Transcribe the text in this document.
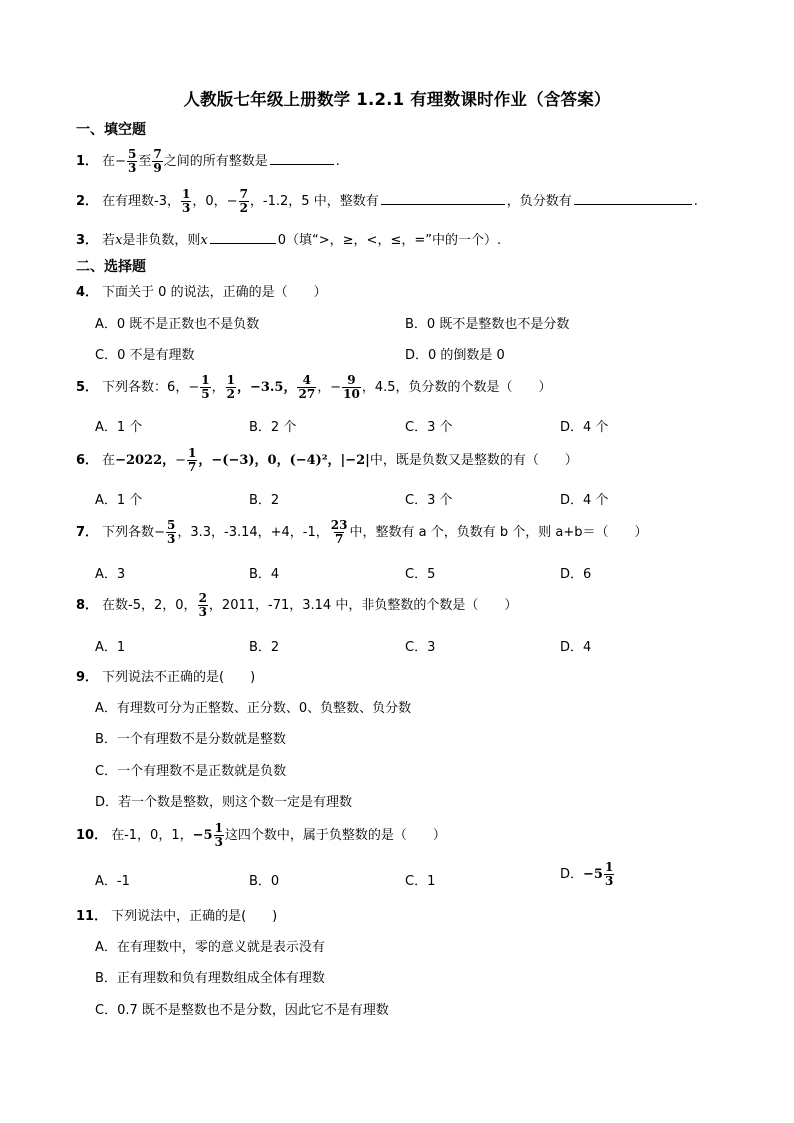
人教版七年级上册数学 1.2.1 有理数课时作业（含答案）
一、填空题
1． 在− $\frac{5}{3}$ 至 $\frac{7}{9}$ 之间的所有整数是	.
2． 在有理数-3， $\frac{1}{3}$ ，0，− $\frac{7}{2}$ ，-1.2，5 中，整数有	，负分数有	.
3． 若x是非负数，则x	0（填“>，≥，<，≤，=”中的一个）.
二、选择题
4． 下面关于 0 的说法，正确的是（　　）
A．0 既不是正数也不是负数	B．0 既不是整数也不是分数
C．0 不是有理数	D．0 的倒数是 0
5． 下列各数：6，− $\frac{1}{5}$ ， $\frac{1}{2}$ ，−3.5， $\frac{4}{27}$ ，− $\frac{9}{10}$ ，4.5，负分数的个数是（　　）
A．1 个	B．2 个	C．3 个	D．4 个
6． 在−2022，− $\frac{1}{7}$ ，−(−3)，0，(−4)²，|−2|中，既是负数又是整数的有（　　）
A．1 个	B．2	C．3 个	D．4 个
7． 下列各数− $\frac{5}{3}$ ，3.3，-3.14，+4，-1， $\frac{23}{7}$ 中，整数有 a 个，负数有 b 个，则 a+b＝（　　）
A．3	B．4	C．5	D．6
8． 在数-5，2，0， $\frac{2}{3}$ ，2011，-71，3.14 中，非负整数的个数是（　　）
A．1	B．2	C．3	D．4
9． 下列说法不正确的是(　　)
A．有理数可分为正整数、正分数、0、负整数、负分数
B．一个有理数不是分数就是整数
C．一个有理数不是正数就是负数
D．若一个数是整数，则这个数一定是有理数
10． 在-1，0，1，$-5 \frac{1}{3}$ 这四个数中，属于负整数的是（　　）
A．-1	B．0	C．1	D．$-5 \frac{1}{3}$
11． 下列说法中，正确的是(　　)
A．在有理数中，零的意义就是表示没有
B．正有理数和负有理数组成全体有理数
C．0.7 既不是整数也不是分数，因此它不是有理数
